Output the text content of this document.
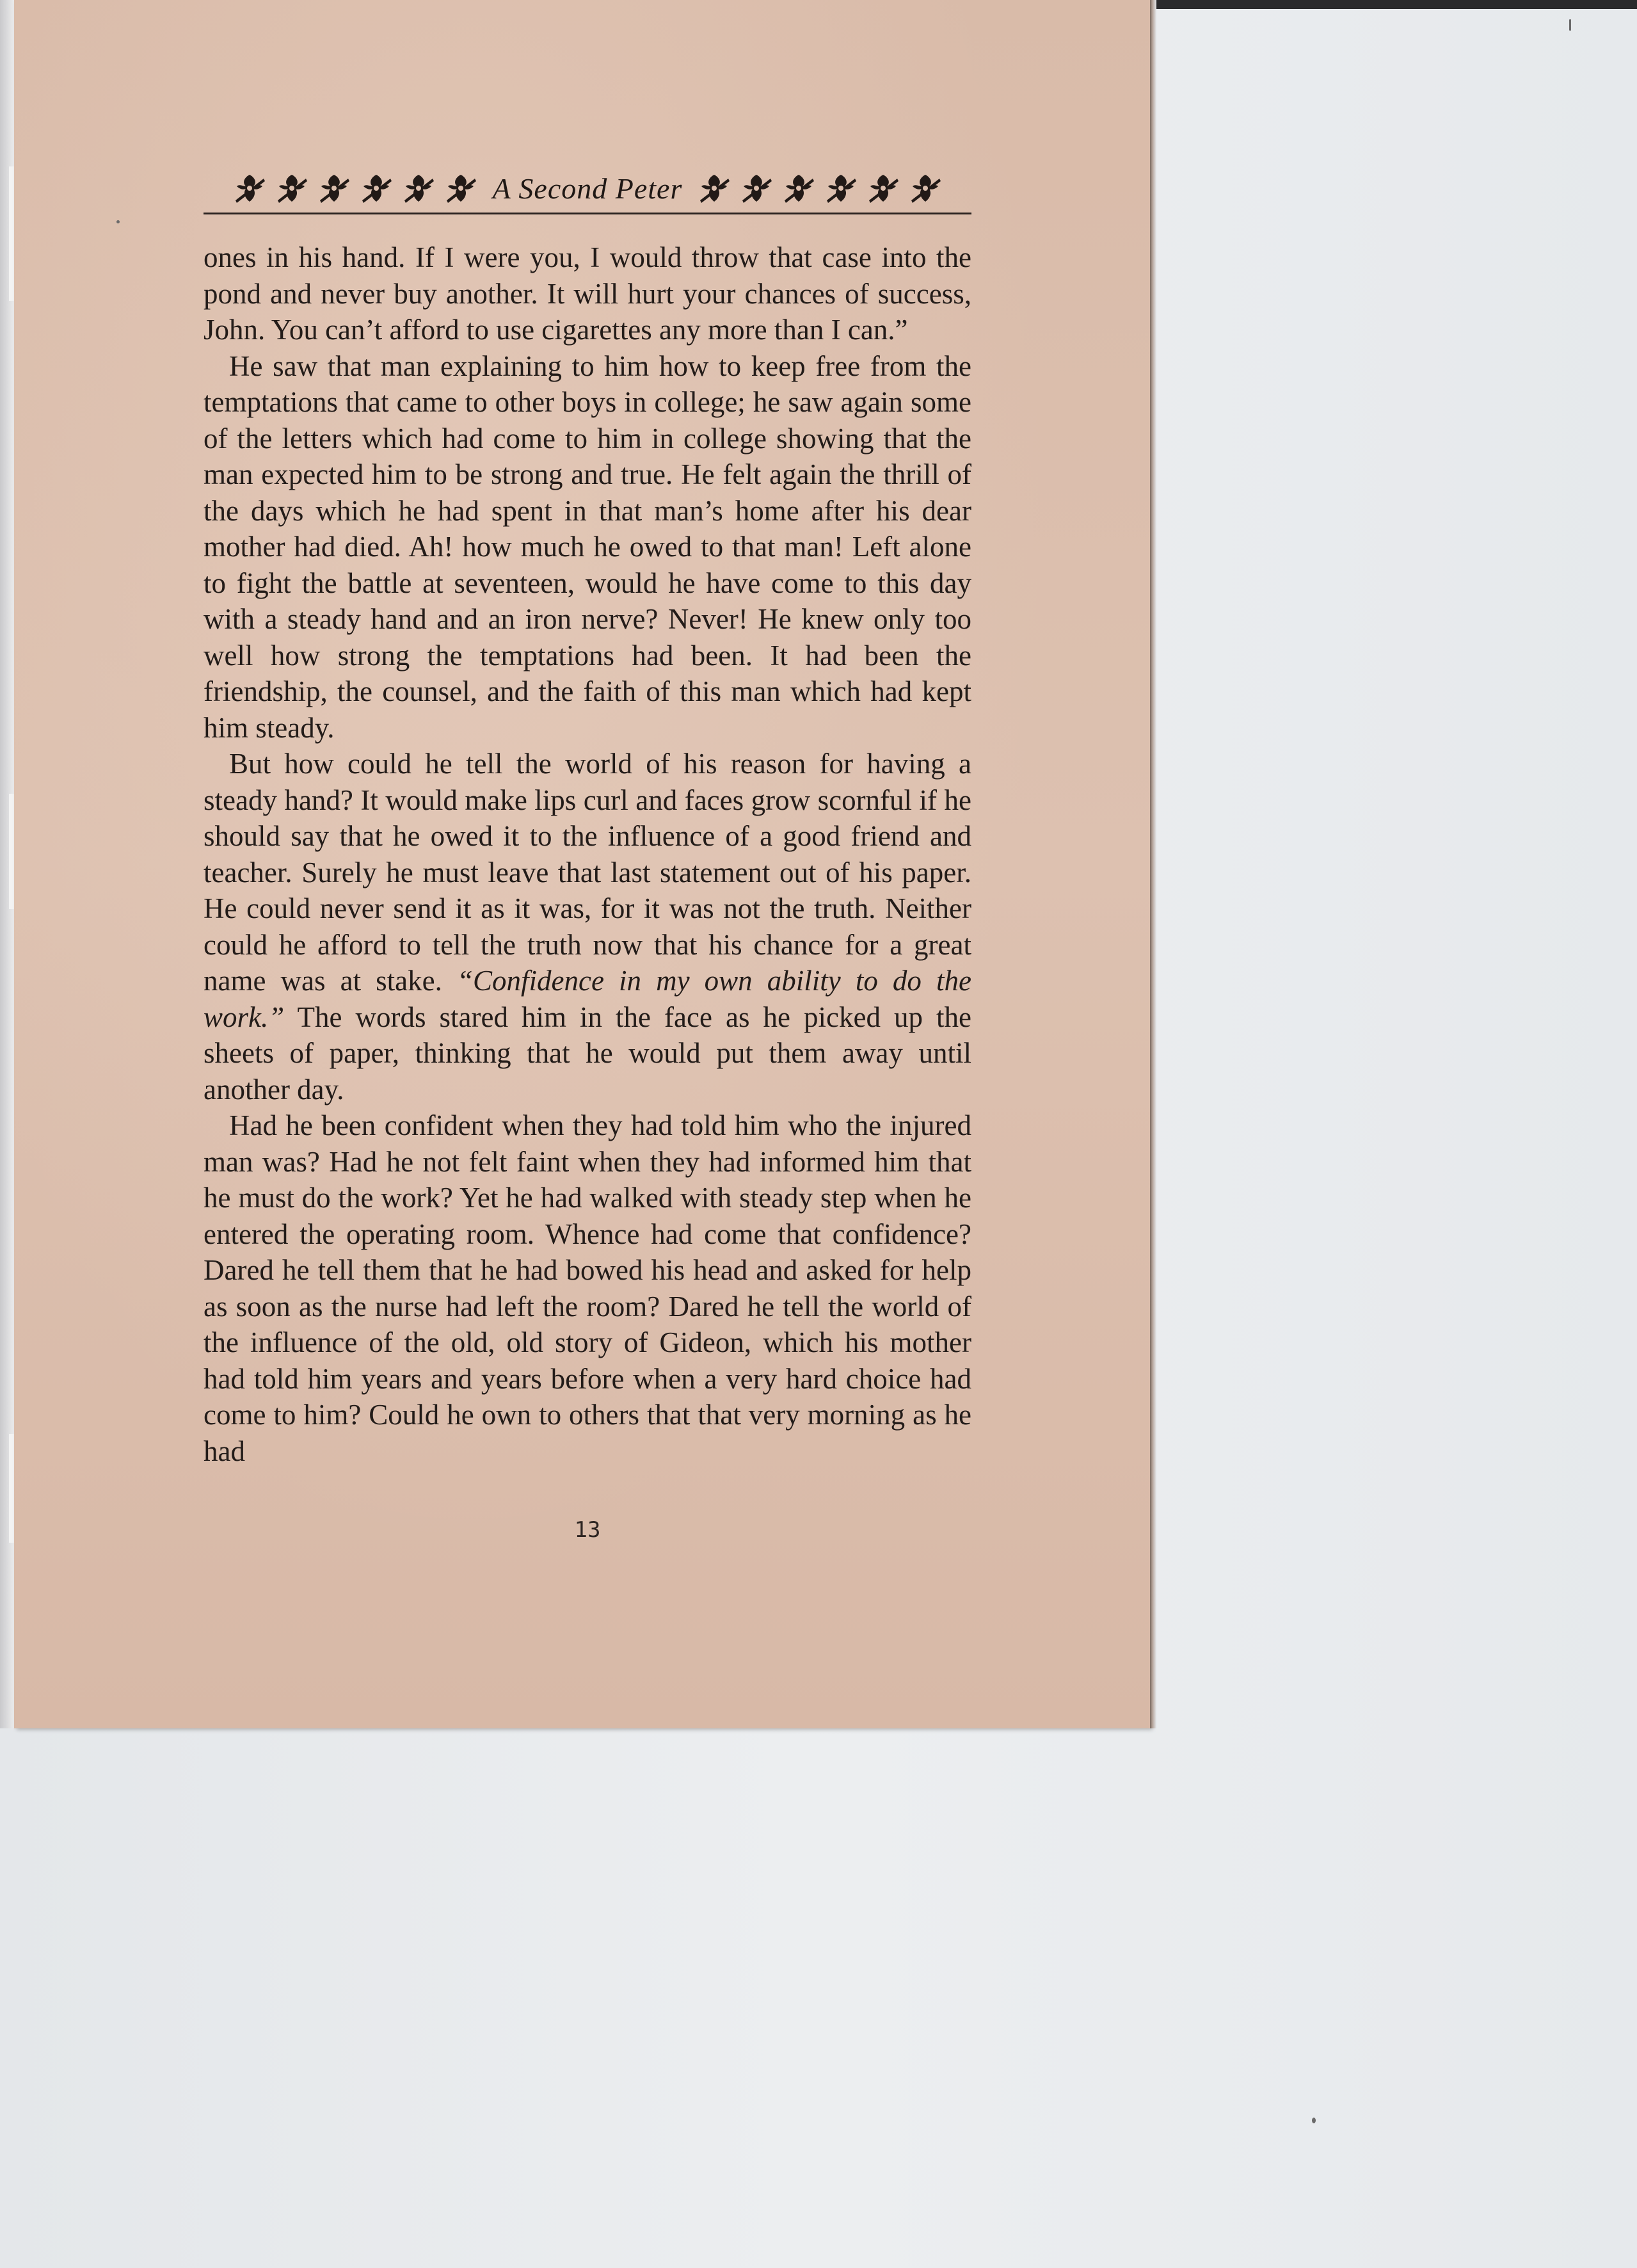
A Second Peter

ones in his hand. If I were you, I would throw that case into the pond and never buy another. It will hurt your chances of success, John. You can’t afford to use cigarettes any more than I can.”

He saw that man explaining to him how to keep free from the temptations that came to other boys in college; he saw again some of the letters which had come to him in college showing that the man expected him to be strong and true. He felt again the thrill of the days which he had spent in that man’s home after his dear mother had died. Ah! how much he owed to that man! Left alone to fight the battle at seventeen, would he have come to this day with a steady hand and an iron nerve? Never! He knew only too well how strong the temptations had been. It had been the friendship, the counsel, and the faith of this man which had kept him steady.

But how could he tell the world of his reason for having a steady hand? It would make lips curl and faces grow scornful if he should say that he owed it to the influence of a good friend and teacher. Surely he must leave that last statement out of his paper. He could never send it as it was, for it was not the truth. Neither could he afford to tell the truth now that his chance for a great name was at stake. “Confidence in my own ability to do the work.” The words stared him in the face as he picked up the sheets of paper, thinking that he would put them away until another day.

Had he been confident when they had told him who the injured man was? Had he not felt faint when they had informed him that he must do the work? Yet he had walked with steady step when he entered the operating room. Whence had come that confidence? Dared he tell them that he had bowed his head and asked for help as soon as the nurse had left the room? Dared he tell the world of the influence of the old, old story of Gideon, which his mother had told him years and years before when a very hard choice had come to him? Could he own to others that that very morning as he had

13
